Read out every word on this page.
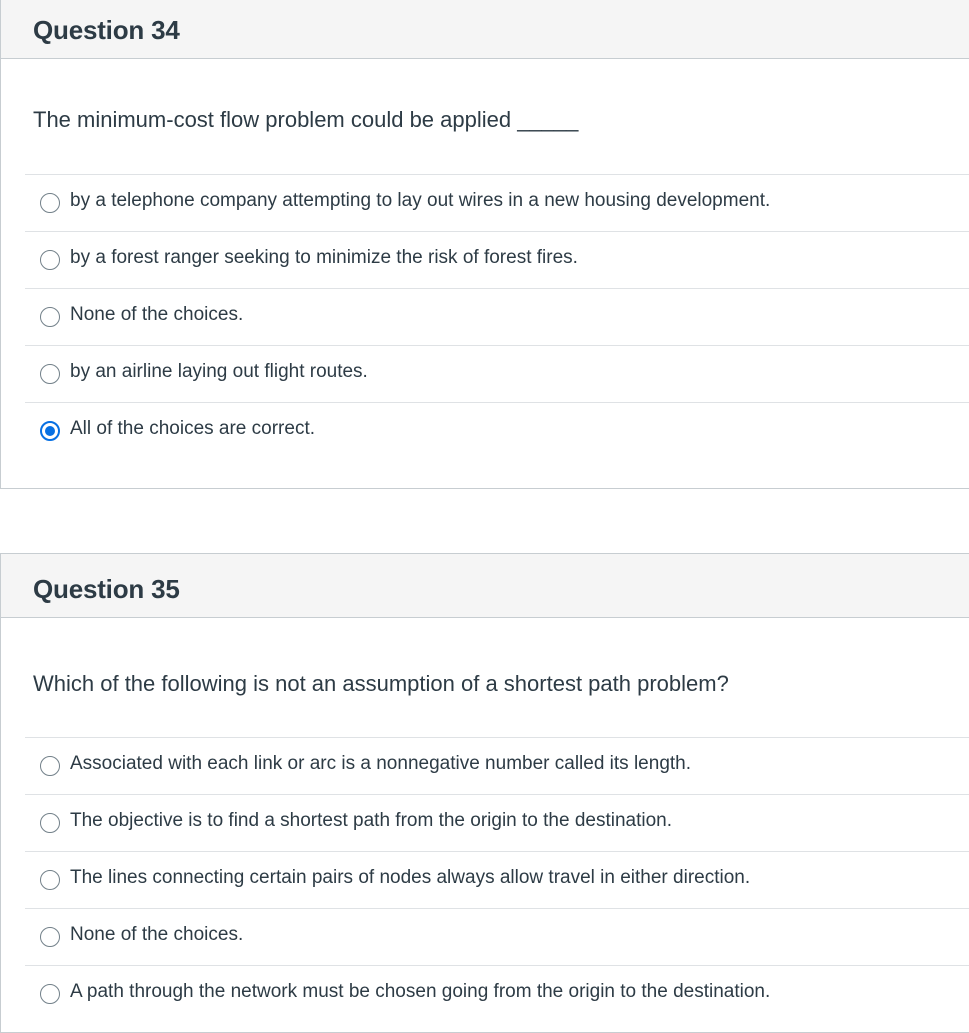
Question 34

The minimum-cost flow problem could be applied _____

by a telephone company attempting to lay out wires in a new housing development.
by a forest ranger seeking to minimize the risk of forest fires.
None of the choices.
by an airline laying out flight routes.
All of the choices are correct.
Question 35

Which of the following is not an assumption of a shortest path problem?

Associated with each link or arc is a nonnegative number called its length.
The objective is to find a shortest path from the origin to the destination.
The lines connecting certain pairs of nodes always allow travel in either direction.
None of the choices.
A path through the network must be chosen going from the origin to the destination.
